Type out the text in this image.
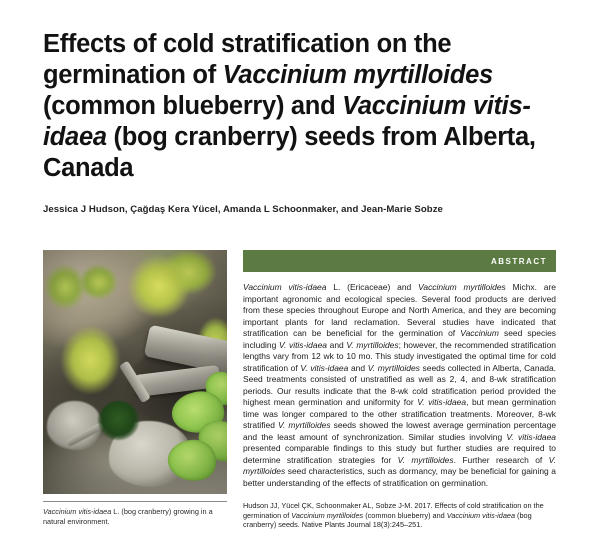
Effects of cold stratification on the germination of Vaccinium myrtilloides (common blueberry) and Vaccinium vitis-idaea (bog cranberry) seeds from Alberta, Canada
Jessica J Hudson, Çağdaş Kera Yücel, Amanda L Schoonmaker, and Jean-Marie Sobze
Vaccinium vitis-idaea L. (bog cranberry) growing in a natural environment.
ABSTRACT
Vaccinium vitis-idaea L. (Ericaceae) and Vaccinium myrtilloides Michx. are important agronomic and ecological species. Several food products are derived from these species throughout Europe and North America, and they are becoming important plants for land reclamation. Several studies have indicated that stratification can be beneficial for the germination of Vaccinium seed species including V. vitis-idaea and V. myrtilloides; however, the recommended stratification lengths vary from 12 wk to 10 mo. This study investigated the optimal time for cold stratification of V. vitis-idaea and V. myrtilloides seeds collected in Alberta, Canada. Seed treatments consisted of unstratified as well as 2, 4, and 8-wk stratification periods. Our results indicate that the 8-wk cold stratification period provided the highest mean germination and uniformity for V. vitis-idaea, but mean germination time was longer compared to the other stratification treatments. Moreover, 8-wk stratified V. myrtilloides seeds showed the lowest average germination percentage and the least amount of synchronization. Similar studies involving V. vitis-idaea presented comparable findings to this study but further studies are required to determine stratification strategies for V. myrtilloides. Further research of V. myrtilloides seed characteristics, such as dormancy, may be beneficial for gaining a better understanding of the effects of stratification on germination.
Hudson JJ, Yücel ÇK, Schoonmaker AL, Sobze J-M. 2017. Effects of cold stratification on the germination of Vaccinium myrtilloides (common blueberry) and Vaccinium vitis-idaea (bog cranberry) seeds. Native Plants Journal 18(3):245–251.
